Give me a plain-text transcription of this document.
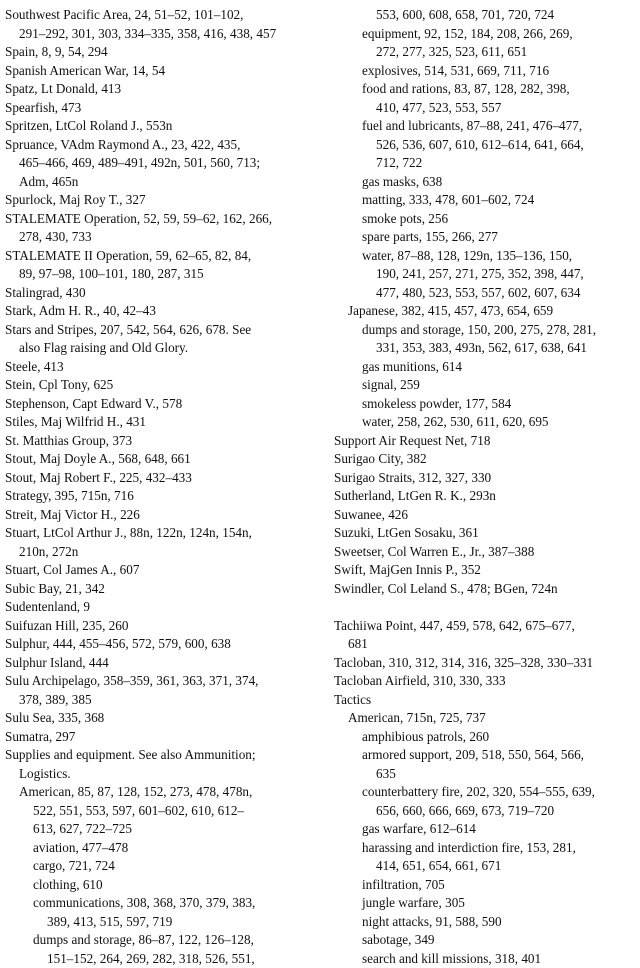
Southwest Pacific Area, 24, 51–52, 101–102,
291–292, 301, 303, 334–335, 358, 416, 438, 457
Spain, 8, 9, 54, 294
Spanish American War, 14, 54
Spatz, Lt Donald, 413
Spearfish, 473
Spritzen, LtCol Roland J., 553n
Spruance, VAdm Raymond A., 23, 422, 435,
465–466, 469, 489–491, 492n, 501, 560, 713;
Adm, 465n
Spurlock, Maj Roy T., 327
STALEMATE Operation, 52, 59, 59–62, 162, 266,
278, 430, 733
STALEMATE II Operation, 59, 62–65, 82, 84,
89, 97–98, 100–101, 180, 287, 315
Stalingrad, 430
Stark, Adm H. R., 40, 42–43
Stars and Stripes, 207, 542, 564, 626, 678. See
also Flag raising and Old Glory.
Steele, 413
Stein, Cpl Tony, 625
Stephenson, Capt Edward V., 578
Stiles, Maj Wilfrid H., 431
St. Matthias Group, 373
Stout, Maj Doyle A., 568, 648, 661
Stout, Maj Robert F., 225, 432–433
Strategy, 395, 715n, 716
Streit, Maj Victor H., 226
Stuart, LtCol Arthur J., 88n, 122n, 124n, 154n,
210n, 272n
Stuart, Col James A., 607
Subic Bay, 21, 342
Sudentenland, 9
Suifuzan Hill, 235, 260
Sulphur, 444, 455–456, 572, 579, 600, 638
Sulphur Island, 444
Sulu Archipelago, 358–359, 361, 363, 371, 374,
378, 389, 385
Sulu Sea, 335, 368
Sumatra, 297
Supplies and equipment. See also Ammunition;
Logistics.
American, 85, 87, 128, 152, 273, 478, 478n,
522, 551, 553, 597, 601–602, 610, 612–
613, 627, 722–725
aviation, 477–478
cargo, 721, 724
clothing, 610
communications, 308, 368, 370, 379, 383,
389, 413, 515, 597, 719
dumps and storage, 86–87, 122, 126–128,
151–152, 264, 269, 282, 318, 526, 551,
553, 600, 608, 658, 701, 720, 724
equipment, 92, 152, 184, 208, 266, 269,
272, 277, 325, 523, 611, 651
explosives, 514, 531, 669, 711, 716
food and rations, 83, 87, 128, 282, 398,
410, 477, 523, 553, 557
fuel and lubricants, 87–88, 241, 476–477,
526, 536, 607, 610, 612–614, 641, 664,
712, 722
gas masks, 638
matting, 333, 478, 601–602, 724
smoke pots, 256
spare parts, 155, 266, 277
water, 87–88, 128, 129n, 135–136, 150,
190, 241, 257, 271, 275, 352, 398, 447,
477, 480, 523, 553, 557, 602, 607, 634
Japanese, 382, 415, 457, 473, 654, 659
dumps and storage, 150, 200, 275, 278, 281,
331, 353, 383, 493n, 562, 617, 638, 641
gas munitions, 614
signal, 259
smokeless powder, 177, 584
water, 258, 262, 530, 611, 620, 695
Support Air Request Net, 718
Surigao City, 382
Surigao Straits, 312, 327, 330
Sutherland, LtGen R. K., 293n
Suwanee, 426
Suzuki, LtGen Sosaku, 361
Sweetser, Col Warren E., Jr., 387–388
Swift, MajGen Innis P., 352
Swindler, Col Leland S., 478; BGen, 724n
Tachiiwa Point, 447, 459, 578, 642, 675–677,
681
Tacloban, 310, 312, 314, 316, 325–328, 330–331
Tacloban Airfield, 310, 330, 333
Tactics
American, 715n, 725, 737
amphibious patrols, 260
armored support, 209, 518, 550, 564, 566,
635
counterbattery fire, 202, 320, 554–555, 639,
656, 660, 666, 669, 673, 719–720
gas warfare, 612–614
harassing and interdiction fire, 153, 281,
414, 651, 654, 661, 671
infiltration, 705
jungle warfare, 305
night attacks, 91, 588, 590
sabotage, 349
search and kill missions, 318, 401
